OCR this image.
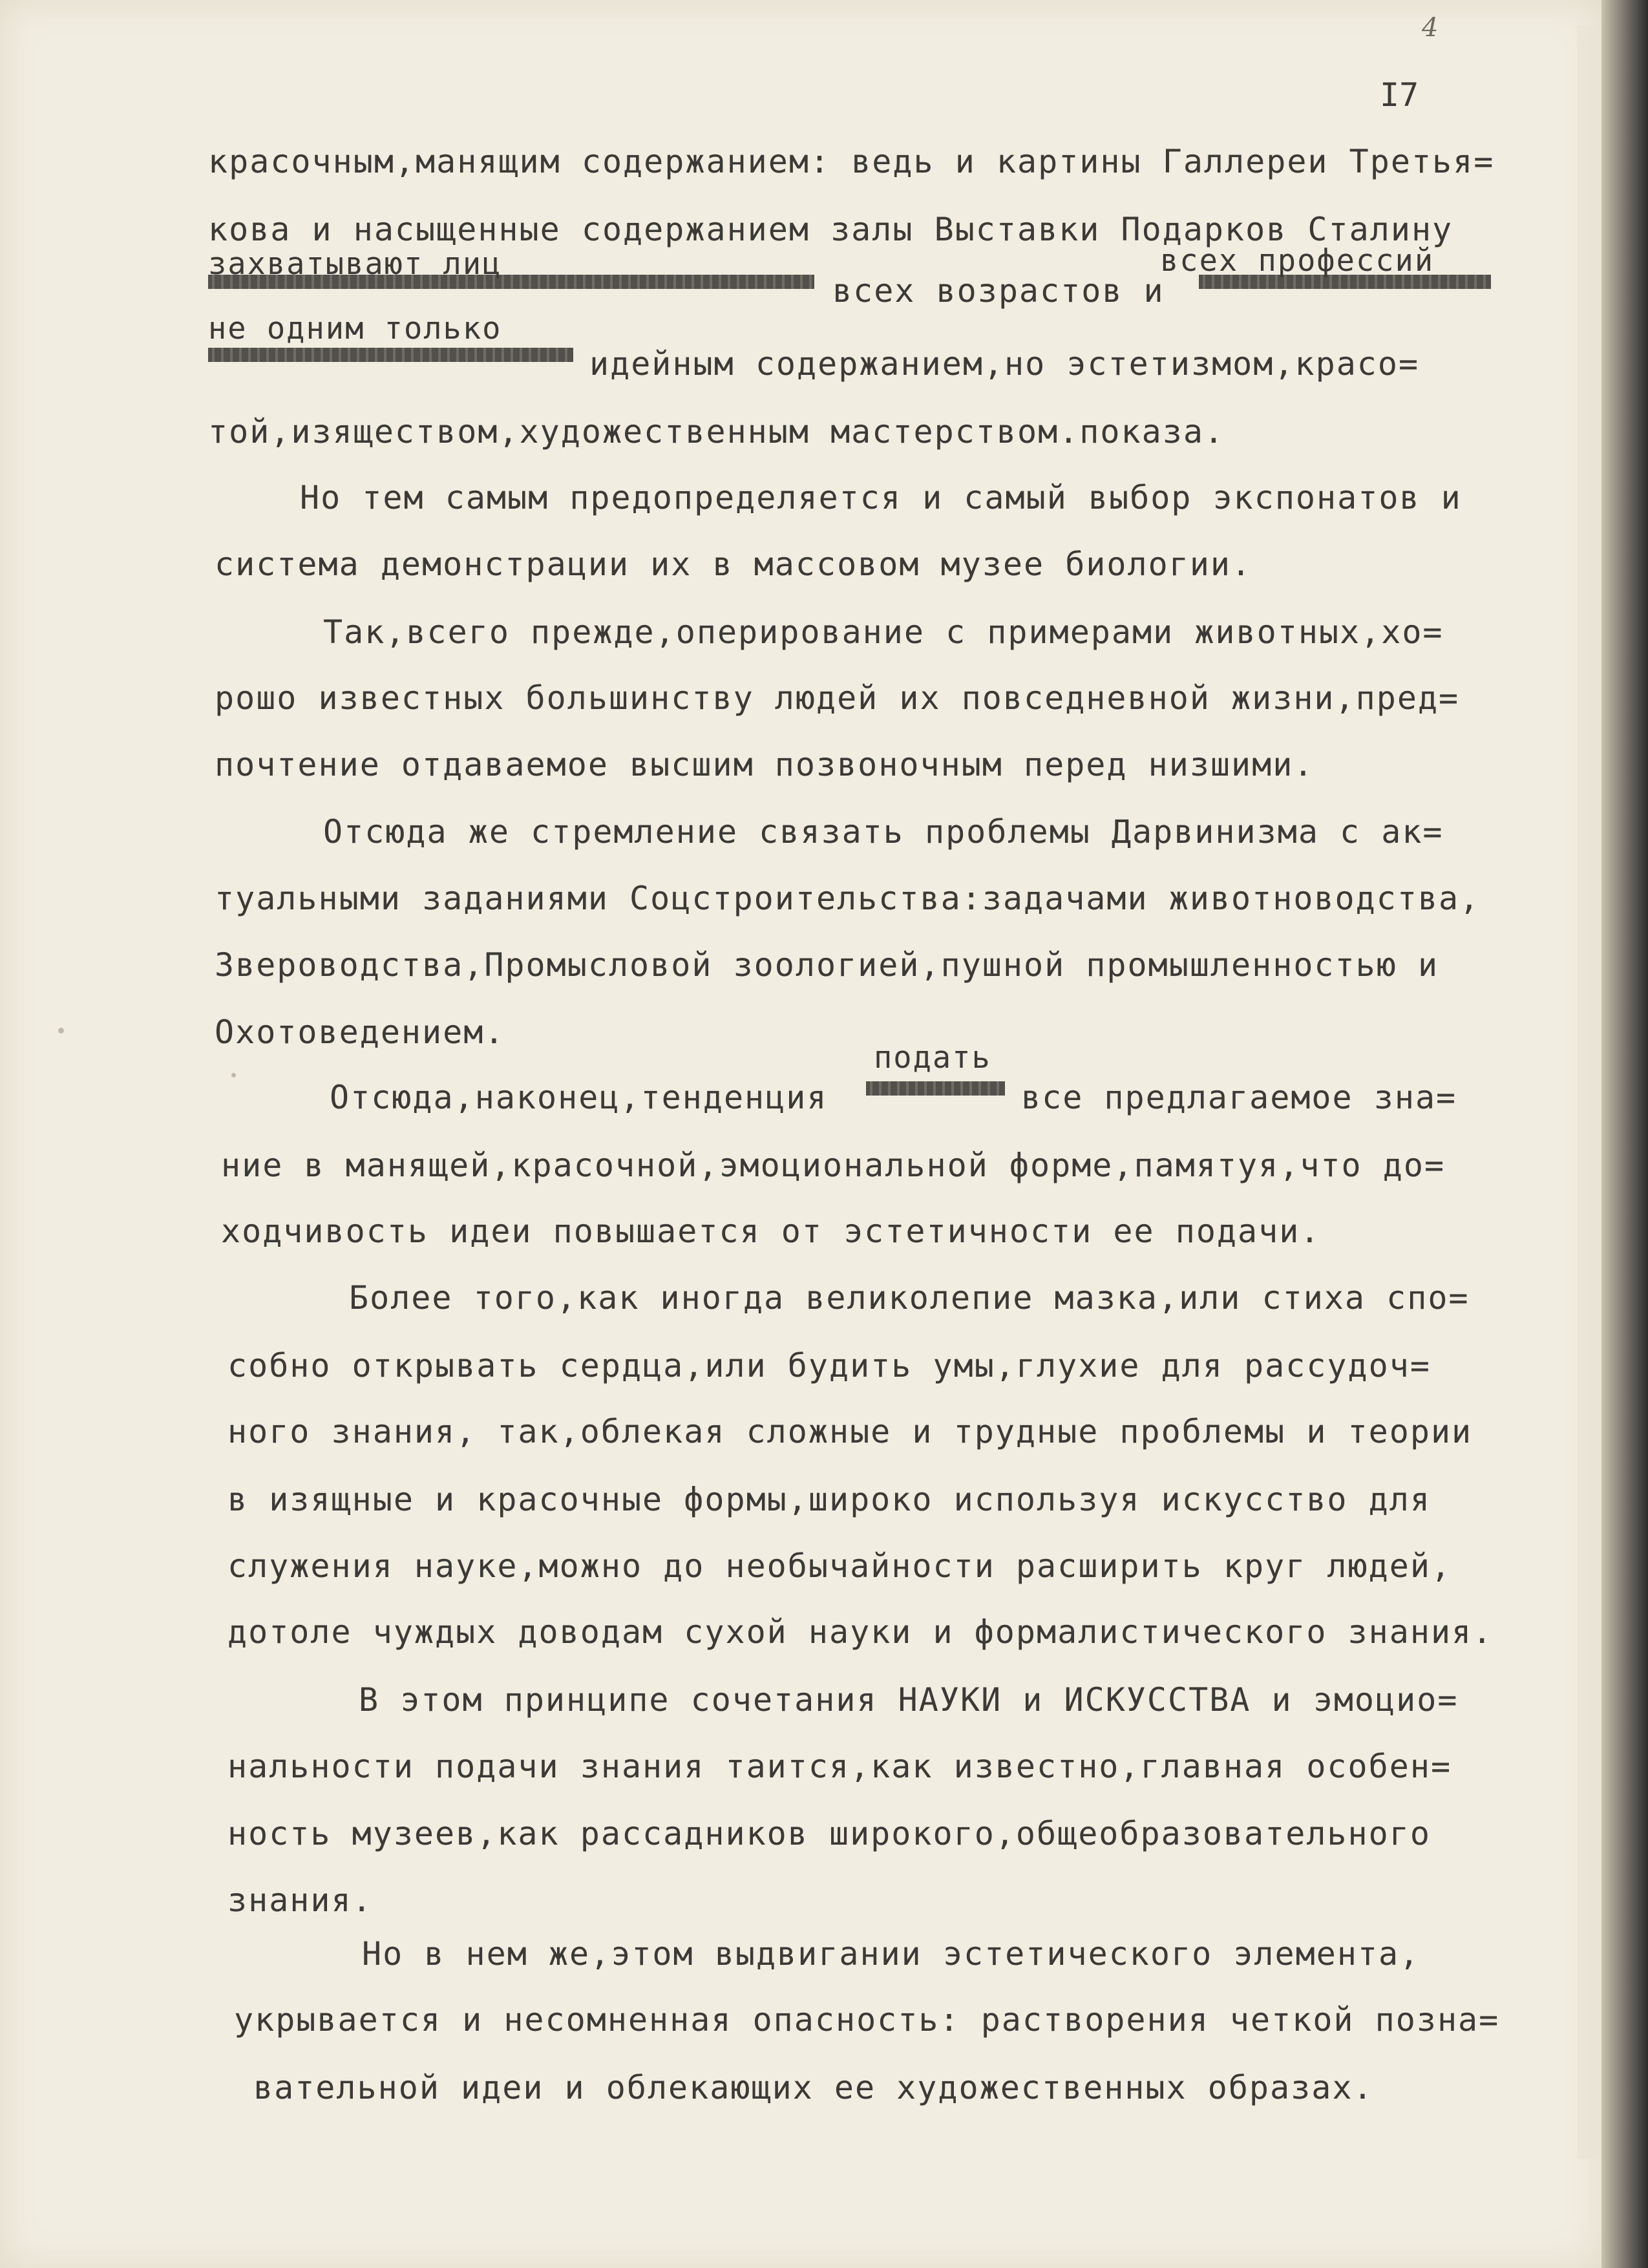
4
I7
красочным,манящим содержанием: ведь и картины Галлереи Третья=
кова и насыщенные содержанием залы Выставки Подарков Сталину
захватывают лиц	всех профессий
всех возрастов и
не одним только
идейным содержанием,но эстетизмом,красо=
той,изяществом,художественным мастерством.показа.
Но тем самым предопределяется и самый выбор экспонатов и
система демонстрации их в массовом музее биологии.
Так,всего прежде,оперирование с примерами животных,хо=
рошо известных большинству людей их повседневной жизни,пред=
почтение отдаваемое высшим позвоночным перед низшими.
Отсюда же стремление связать проблемы Дарвинизма с ак=
туальными заданиями Соцстроительства:задачами животноводства,
Звероводства,Промысловой зоологией,пушной промышленностью и
Охотоведением.
подать
Отсюда,наконец,тенденция	все предлагаемое зна=
ние в манящей,красочной,эмоциональной форме,памятуя,что до=
ходчивость идеи повышается от эстетичности ее подачи.
Более того,как иногда великолепие мазка,или стиха спо=
собно открывать сердца,или будить умы,глухие для рассудоч=
ного знания, так,облекая сложные и трудные проблемы и теории
в изящные и красочные формы,широко используя искусство для
служения науке,можно до необычайности расширить круг людей,
дотоле чуждых доводам сухой науки и формалистического знания.
В этом принципе сочетания НАУКИ и ИСКУССТВА и эмоцио=
нальности подачи знания таится,как известно,главная особен=
ность музеев,как рассадников широкого,общеобразовательного
знания.
Но в нем же,этом выдвигании эстетического элемента,
укрывается и несомненная опасность: растворения четкой позна=
вательной идеи и облекающих ее художественных образах.
